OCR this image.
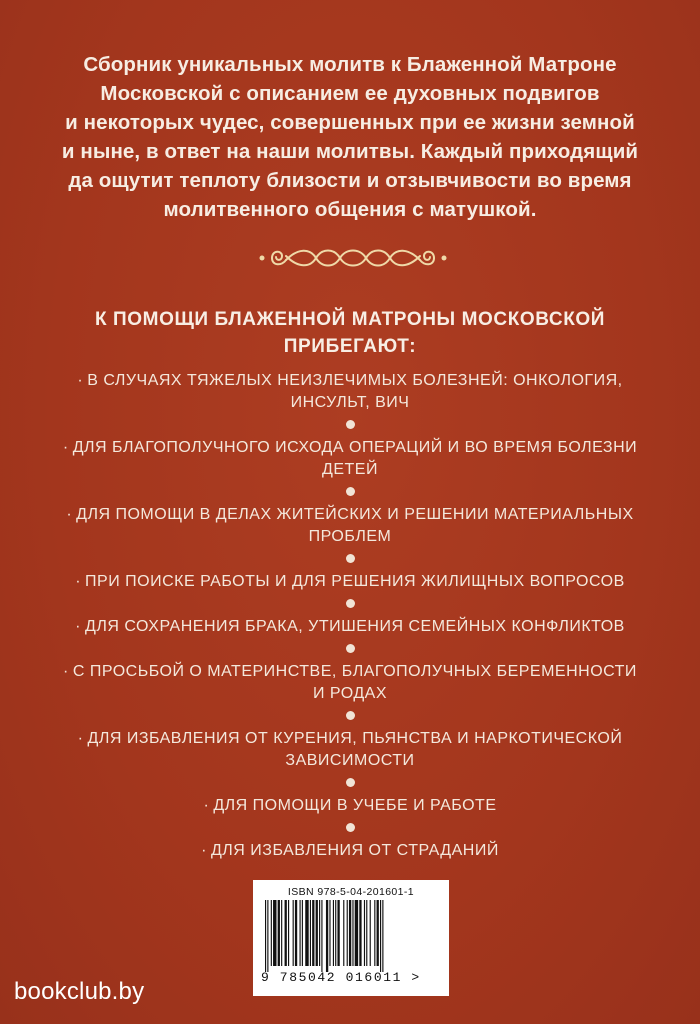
Сборник уникальных молитв к Блаженной Матроне
Московской с описанием ее духовных подвигов
и некоторых чудес, совершенных при ее жизни земной
и ныне, в ответ на наши молитвы. Каждый приходящий
да ощутит теплоту близости и отзывчивости во время
молитвенного общения с матушкой.
К ПОМОЩИ БЛАЖЕННОЙ МАТРОНЫ МОСКОВСКОЙ
ПРИБЕГАЮТ:
· В СЛУЧАЯХ ТЯЖЕЛЫХ НЕИЗЛЕЧИМЫХ БОЛЕЗНЕЙ: ОНКОЛОГИЯ,
ИНСУЛЬТ, ВИЧ
· ДЛЯ БЛАГОПОЛУЧНОГО ИСХОДА ОПЕРАЦИЙ И ВО ВРЕМЯ БОЛЕЗНИ
ДЕТЕЙ
· ДЛЯ ПОМОЩИ В ДЕЛАХ ЖИТЕЙСКИХ И РЕШЕНИИ МАТЕРИАЛЬНЫХ
ПРОБЛЕМ
· ПРИ ПОИСКЕ РАБОТЫ И ДЛЯ РЕШЕНИЯ ЖИЛИЩНЫХ ВОПРОСОВ
· ДЛЯ СОХРАНЕНИЯ БРАКА, УТИШЕНИЯ СЕМЕЙНЫХ КОНФЛИКТОВ
· С ПРОСЬБОЙ О МАТЕРИНСТВЕ, БЛАГОПОЛУЧНЫХ БЕРЕМЕННОСТИ
И РОДАХ
· ДЛЯ ИЗБАВЛЕНИЯ ОТ КУРЕНИЯ, ПЬЯНСТВА И НАРКОТИЧЕСКОЙ
ЗАВИСИМОСТИ
· ДЛЯ ПОМОЩИ В УЧЕБЕ И РАБОТЕ
· ДЛЯ ИЗБАВЛЕНИЯ ОТ СТРАДАНИЙ
ISBN 978-5-04-201601-1
9 785042 016011 >
bookclub.by
